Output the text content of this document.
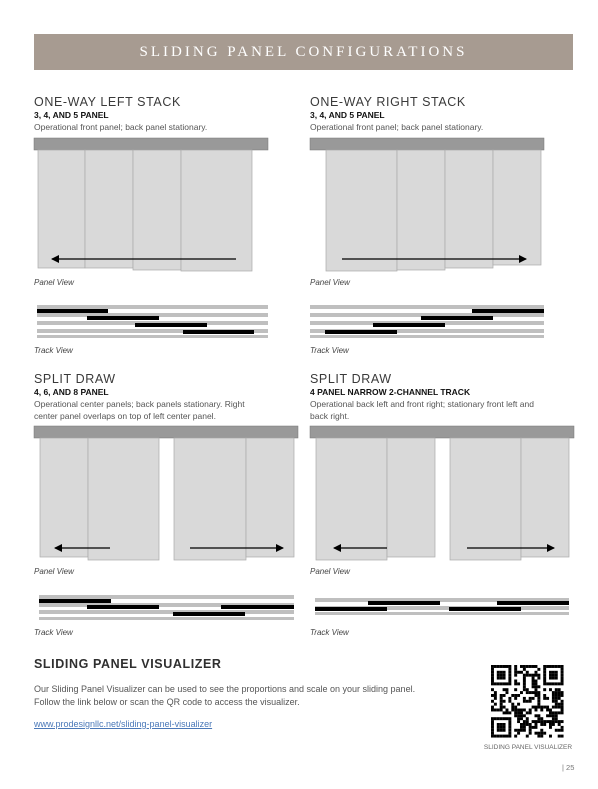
SLIDING PANEL CONFIGURATIONS
ONE-WAY LEFT STACK
3, 4, AND 5 PANEL
Operational front panel; back panel stationary.
Panel View
Track View
ONE-WAY RIGHT STACK
3, 4, AND 5 PANEL
Operational front panel; back panel stationary.
Panel View
Track View
SPLIT DRAW
4, 6, AND 8 PANEL
Operational center panels; back panels stationary. Right
center panel overlaps on top of left center panel.
Panel View
Track View
SPLIT DRAW
4 PANEL NARROW 2-CHANNEL TRACK
Operational back left and front right; stationary front left and
back right.
Panel View
Track View
SLIDING PANEL VISUALIZER
Our Sliding Panel Visualizer can be used to see the proportions and scale on your sliding panel.
Follow the link below or scan the QR code to access the visualizer.
www.prodesignllc.net/sliding-panel-visualizer
SLIDING PANEL VISUALIZER
| 25
